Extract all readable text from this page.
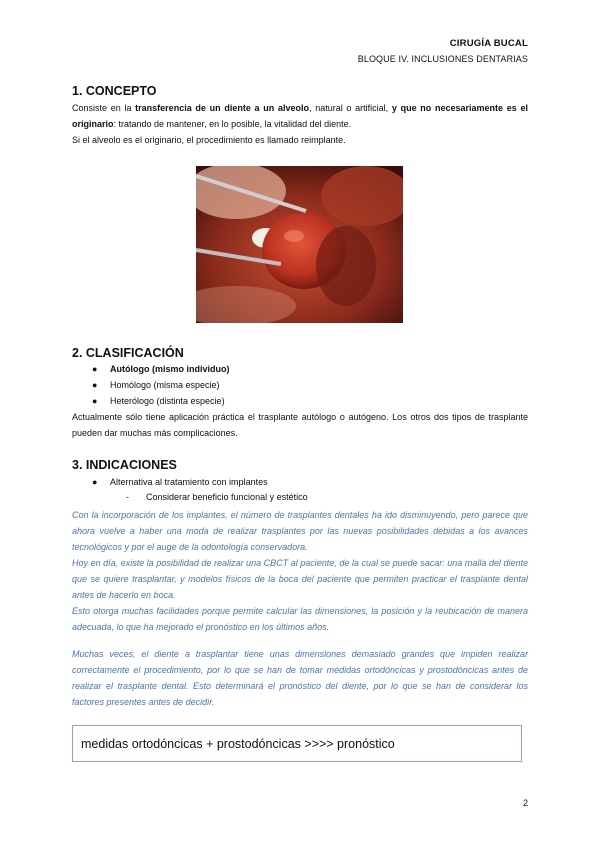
CIRUGÍA BUCAL
BLOQUE IV. INCLUSIONES DENTARIAS
1. CONCEPTO
Consiste en la transferencia de un diente a un alveolo, natural o artificial, y que no necesariamente es el originario: tratando de mantener, en lo posible, la vitalidad del diente.
Si el alveolo es el originario, el procedimiento es llamado reimplante.
2. CLASIFICACIÓN
● Autólogo (mismo individuo)
● Homólogo (misma especie)
● Heterólogo (distinta especie)
Actualmente sólo tiene aplicación práctica el trasplante autólogo o autógeno. Los otros dos tipos de trasplante pueden dar muchas más complicaciones.
3. INDICACIONES
● Alternativa al tratamiento con implantes
- Considerar beneficio funcional y estético
Con la incorporación de los implantes, el número de trasplantes dentales ha ido disminuyendo, pero parece que ahora vuelve a haber una moda de realizar trasplantes por las nuevas posibilidades debidas a los avances tecnológicos y por el auge de la odontología conservadora.
Hoy en día, existe la posibilidad de realizar una CBCT al paciente, de la cual se puede sacar: una malla del diente que se quiere trasplantar, y modelos físicos de la boca del paciente que permiten practicar el trasplante dental antes de hacerlo en boca.
Esto otorga muchas facilidades porque permite calcular las dimensiones, la posición y la reubicación de manera adecuada, lo que ha mejorado el pronóstico en los últimos años.
Muchas veces, el diente a trasplantar tiene unas dimensiones demasiado grandes que impiden realizar correctamente el procedimiento, por lo que se han de tomar medidas ortodóncicas y prostodóncicas antes de realizar el trasplante dental. Esto determinará el pronóstico del diente, por lo que se han de considerar los factores presentes antes de decidir.
medidas ortodóncicas + prostodóncicas >>>> pronóstico
2
